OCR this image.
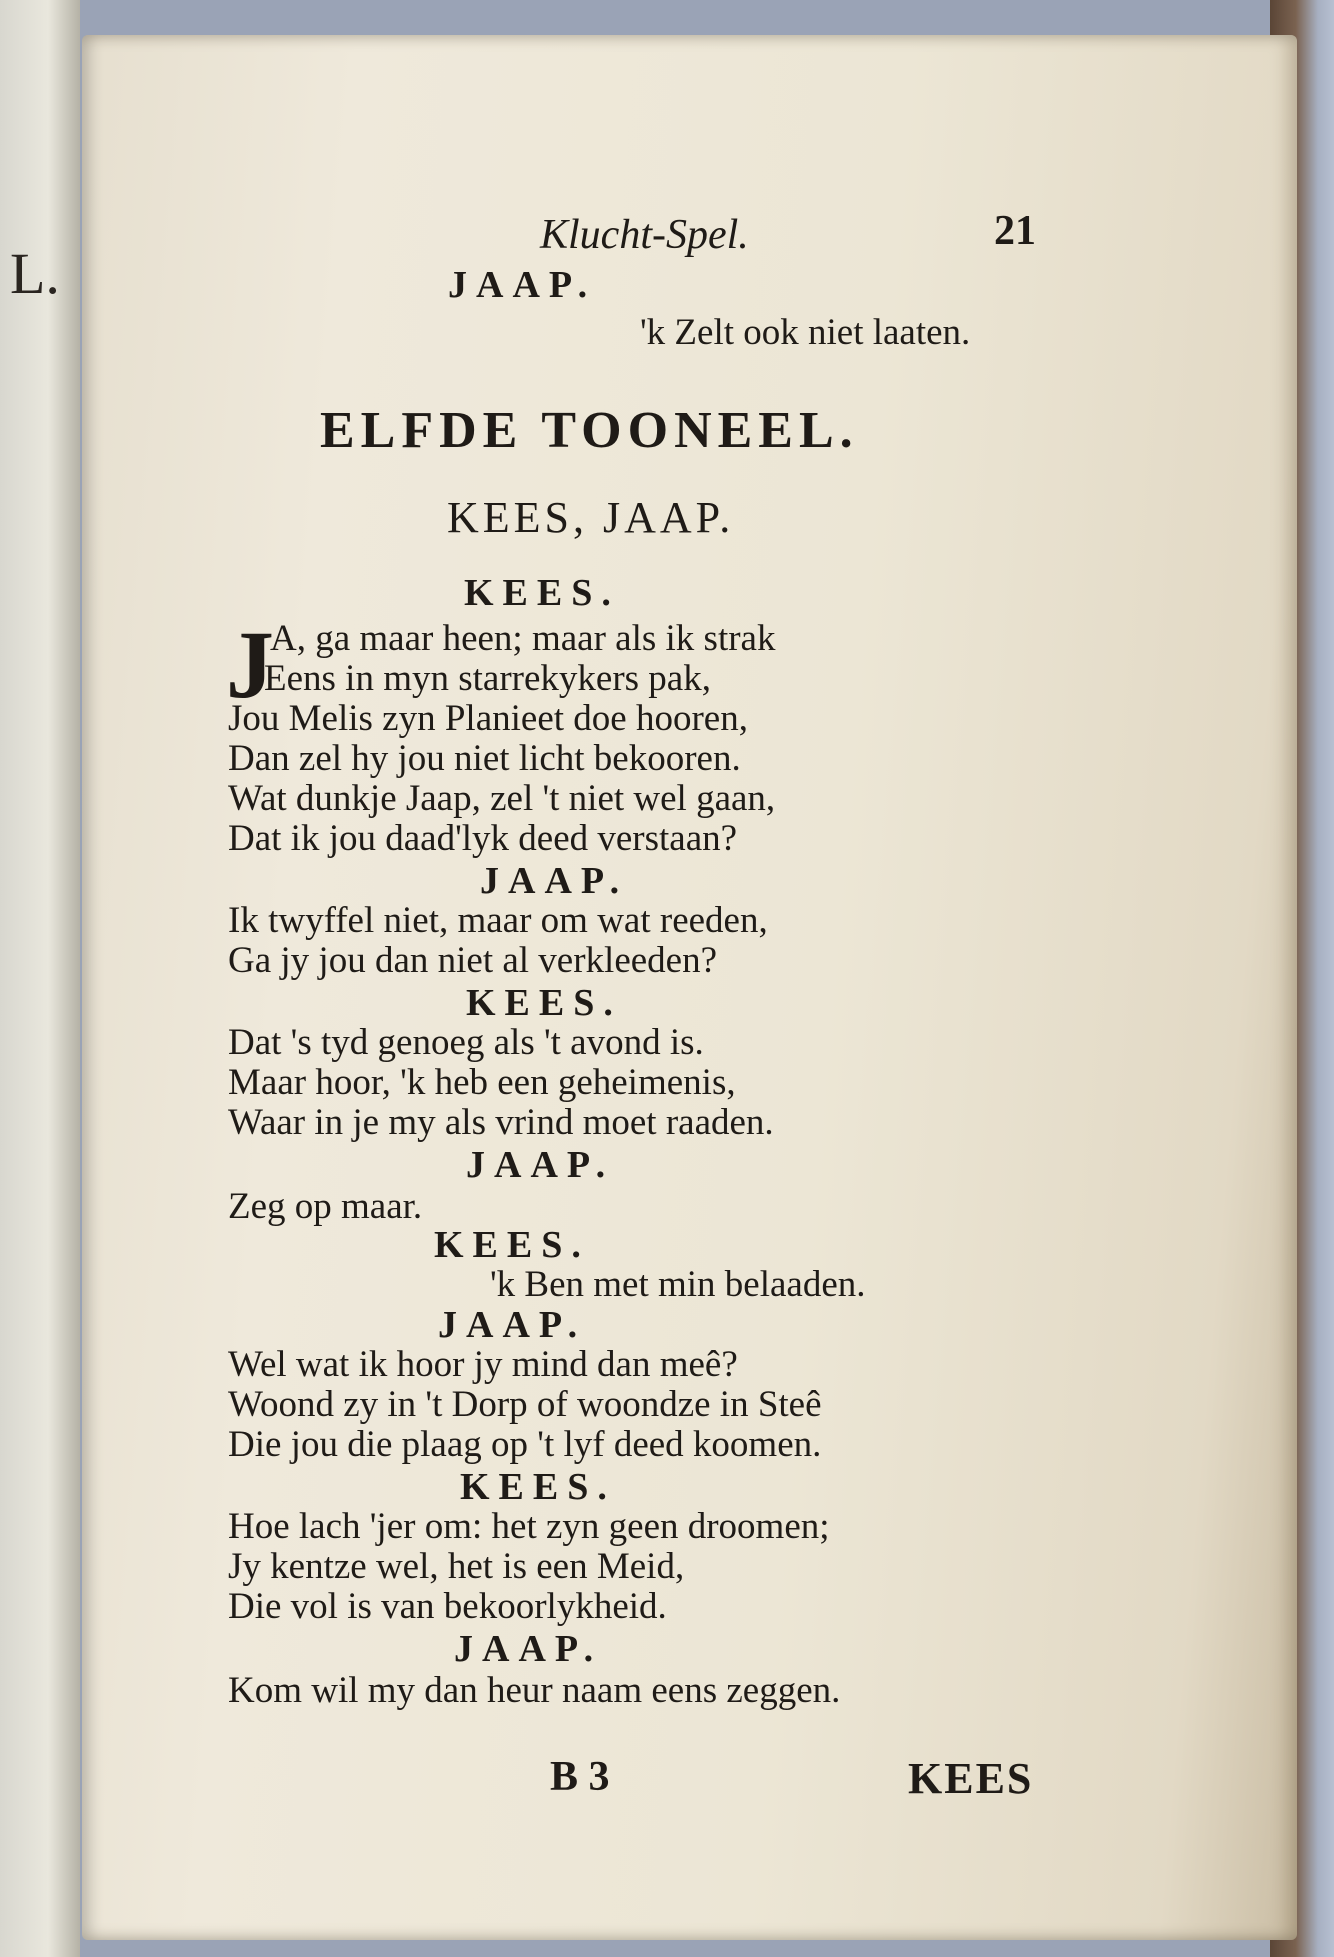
L.
Klucht-Spel.	21
JAAP.
'k Zelt ook niet laaten.
ELFDE TOONEEL.
KEES, JAAP.
KEES.
J
A, ga maar heen; maar als ik strak
Eens in myn starrekykers pak,
Jou Melis zyn Planieet doe hooren,
Dan zel hy jou niet licht bekooren.
Wat dunkje Jaap, zel 't niet wel gaan,
Dat ik jou daad'lyk deed verstaan?
JAAP.
Ik twyffel niet, maar om wat reeden,
Ga jy jou dan niet al verkleeden?
KEES.
Dat 's tyd genoeg als 't avond is.
Maar hoor, 'k heb een geheimenis,
Waar in je my als vrind moet raaden.
JAAP.
Zeg op maar.
KEES.
'k Ben met min belaaden.
JAAP.
Wel wat ik hoor jy mind dan meê?
Woond zy in 't Dorp of woondze in Steê
Die jou die plaag op 't lyf deed koomen.
KEES.
Hoe lach 'jer om: het zyn geen droomen;
Jy kentze wel, het is een Meid,
Die vol is van bekoorlykheid.
JAAP.
Kom wil my dan heur naam eens zeggen.
B 3	KEES
